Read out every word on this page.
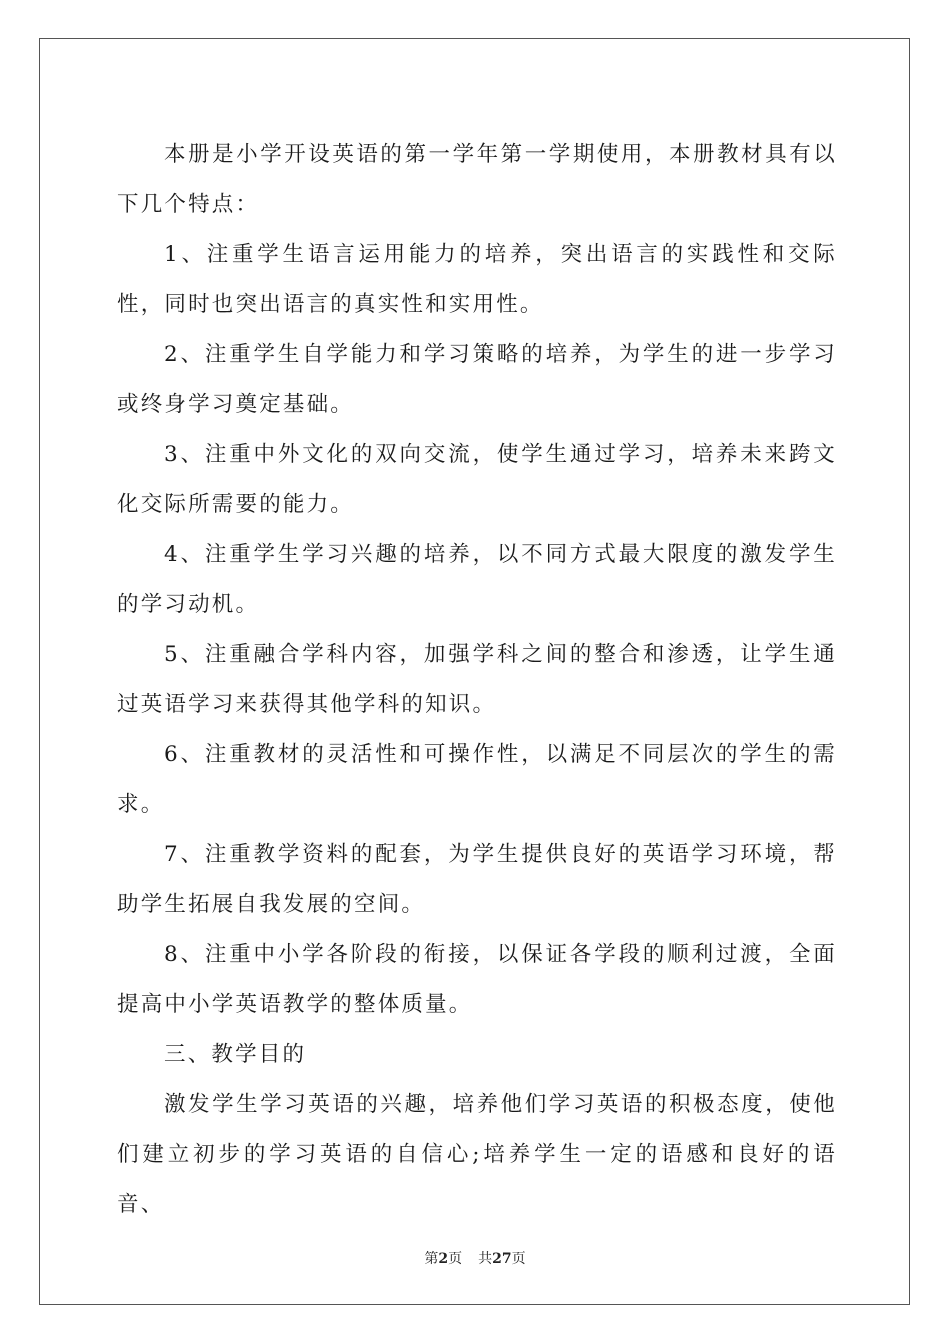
本册是小学开设英语的第一学年第一学期使用，本册教材具有以下几个特点：

1、注重学生语言运用能力的培养，突出语言的实践性和交际性，同时也突出语言的真实性和实用性。

2、注重学生自学能力和学习策略的培养，为学生的进一步学习或终身学习奠定基础。

3、注重中外文化的双向交流，使学生通过学习，培养未来跨文化交际所需要的能力。

4、注重学生学习兴趣的培养，以不同方式最大限度的激发学生的学习动机。

5、注重融合学科内容，加强学科之间的整合和渗透，让学生通过英语学习来获得其他学科的知识。

6、注重教材的灵活性和可操作性，以满足不同层次的学生的需求。

7、注重教学资料的配套，为学生提供良好的英语学习环境，帮助学生拓展自我发展的空间。

8、注重中小学各阶段的衔接，以保证各学段的顺利过渡，全面提高中小学英语教学的整体质量。

三、教学目的

激发学生学习英语的兴趣，培养他们学习英语的积极态度，使他们建立初步的学习英语的自信心;培养学生一定的语感和良好的语音、

第2页 共27页
